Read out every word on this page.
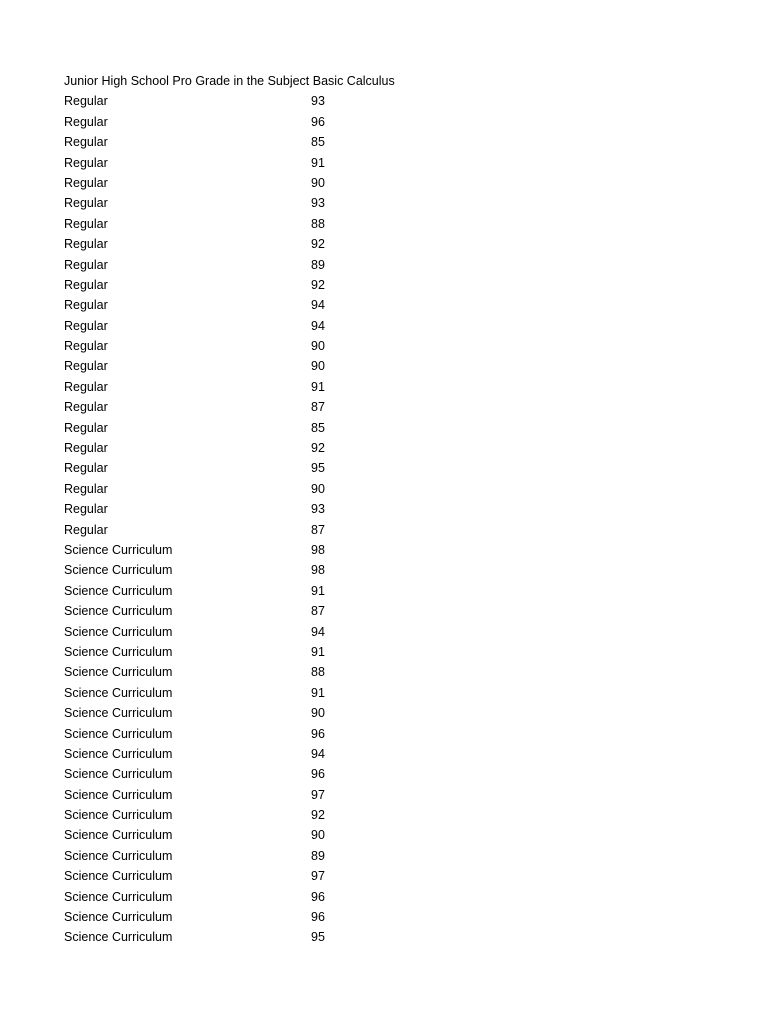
Junior High School Pro Grade in the Subject Basic Calculus
Regular	93
Regular	96
Regular	85
Regular	91
Regular	90
Regular	93
Regular	88
Regular	92
Regular	89
Regular	92
Regular	94
Regular	94
Regular	90
Regular	90
Regular	91
Regular	87
Regular	85
Regular	92
Regular	95
Regular	90
Regular	93
Regular	87
Science Curriculum	98
Science Curriculum	98
Science Curriculum	91
Science Curriculum	87
Science Curriculum	94
Science Curriculum	91
Science Curriculum	88
Science Curriculum	91
Science Curriculum	90
Science Curriculum	96
Science Curriculum	94
Science Curriculum	96
Science Curriculum	97
Science Curriculum	92
Science Curriculum	90
Science Curriculum	89
Science Curriculum	97
Science Curriculum	96
Science Curriculum	96
Science Curriculum	95
